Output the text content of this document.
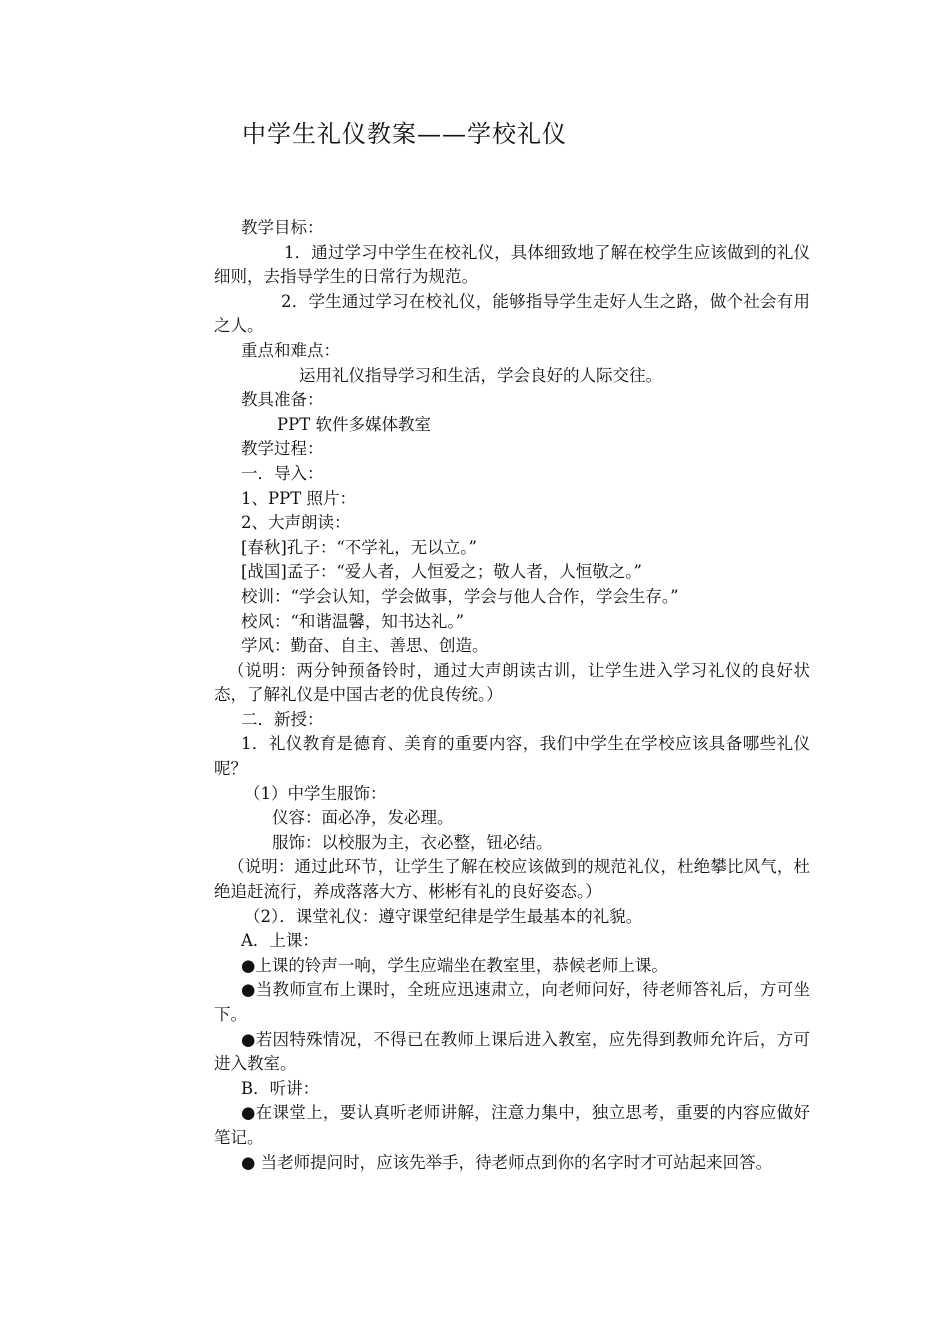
中学生礼仪教案——学校礼仪

教学目标：

1．通过学习中学生在校礼仪，具体细致地了解在校学生应该做到的礼仪细则，去指导学生的日常行为规范。

2．学生通过学习在校礼仪，能够指导学生走好人生之路，做个社会有用之人。

重点和难点：

运用礼仪指导学习和生活，学会良好的人际交往。

教具准备：

PPT 软件多媒体教室

教学过程：

一．导入：

1、PPT 照片：

2、大声朗读：

[春秋]孔子：“不学礼，无以立。”

[战国]孟子：“爱人者，人恒爱之；敬人者，人恒敬之。”

校训：“学会认知，学会做事，学会与他人合作，学会生存。”

校风：“和谐温馨，知书达礼。”

学风：勤奋、自主、善思、创造。

（说明：两分钟预备铃时，通过大声朗读古训，让学生进入学习礼仪的良好状态，了解礼仪是中国古老的优良传统。）

二．新授：

1．礼仪教育是德育、美育的重要内容，我们中学生在学校应该具备哪些礼仪呢？

（1）中学生服饰：

仪容：面必净，发必理。

服饰：以校服为主，衣必整，钮必结。

（说明：通过此环节，让学生了解在校应该做到的规范礼仪，杜绝攀比风气，杜绝追赶流行，养成落落大方、彬彬有礼的良好姿态。）

（2）．课堂礼仪：遵守课堂纪律是学生最基本的礼貌。

A．上课：

●上课的铃声一响，学生应端坐在教室里，恭候老师上课。

●当教师宣布上课时，全班应迅速肃立，向老师问好，待老师答礼后，方可坐下。

●若因特殊情况，不得已在教师上课后进入教室，应先得到教师允许后，方可进入教室。

B．听讲：

●在课堂上，要认真听老师讲解，注意力集中，独立思考，重要的内容应做好笔记。

● 当老师提问时，应该先举手，待老师点到你的名字时才可站起来回答。
